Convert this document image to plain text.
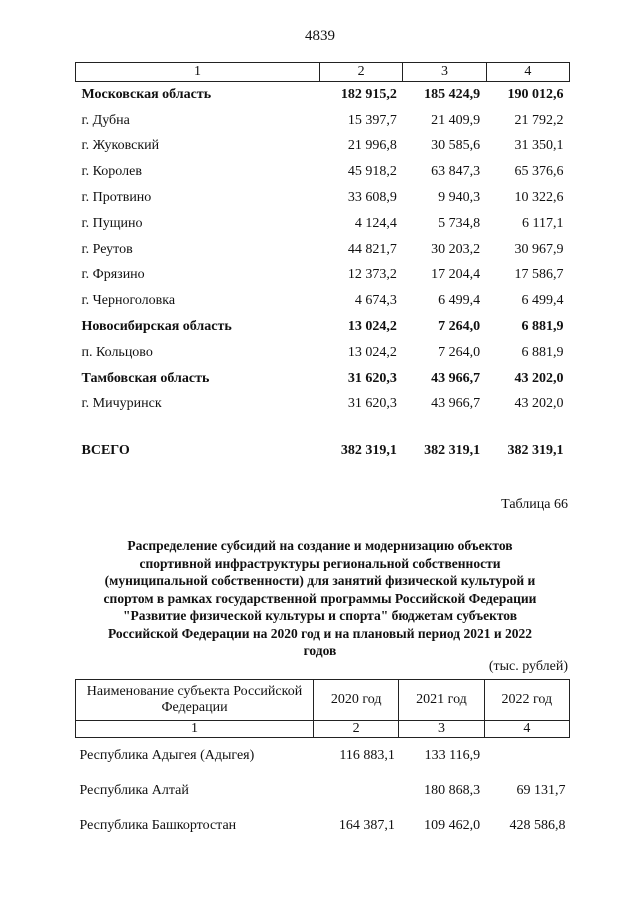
4839
1	2	3	4
Московская область	182 915,2	185 424,9	190 012,6
г. Дубна	15 397,7	21 409,9	21 792,2
г. Жуковский	21 996,8	30 585,6	31 350,1
г. Королев	45 918,2	63 847,3	65 376,6
г. Протвино	33 608,9	9 940,3	10 322,6
г. Пущино	4 124,4	5 734,8	6 117,1
г. Реутов	44 821,7	30 203,2	30 967,9
г. Фрязино	12 373,2	17 204,4	17 586,7
г. Черноголовка	4 674,3	6 499,4	6 499,4
Новосибирская область	13 024,2	7 264,0	6 881,9
п. Кольцово	13 024,2	7 264,0	6 881,9
Тамбовская область	31 620,3	43 966,7	43 202,0
г. Мичуринск	31 620,3	43 966,7	43 202,0
ВСЕГО	382 319,1	382 319,1	382 319,1
Таблица 66
Распределение субсидий на создание и модернизацию объектов
спортивной инфраструктуры региональной собственности
(муниципальной собственности) для занятий физической культурой и
спортом в рамках государственной программы Российской Федерации
"Развитие физической культуры и спорта" бюджетам субъектов
Российской Федерации на 2020 год и на плановый период 2021 и 2022
годов
(тыс. рублей)
Наименование субъекта Российской Федерации	2020 год	2021 год	2022 год
1	2	3	4
Республика Адыгея (Адыгея)	116 883,1	133 116,9	
Республика Алтай		180 868,3	69 131,7
Республика Башкортостан	164 387,1	109 462,0	428 586,8
